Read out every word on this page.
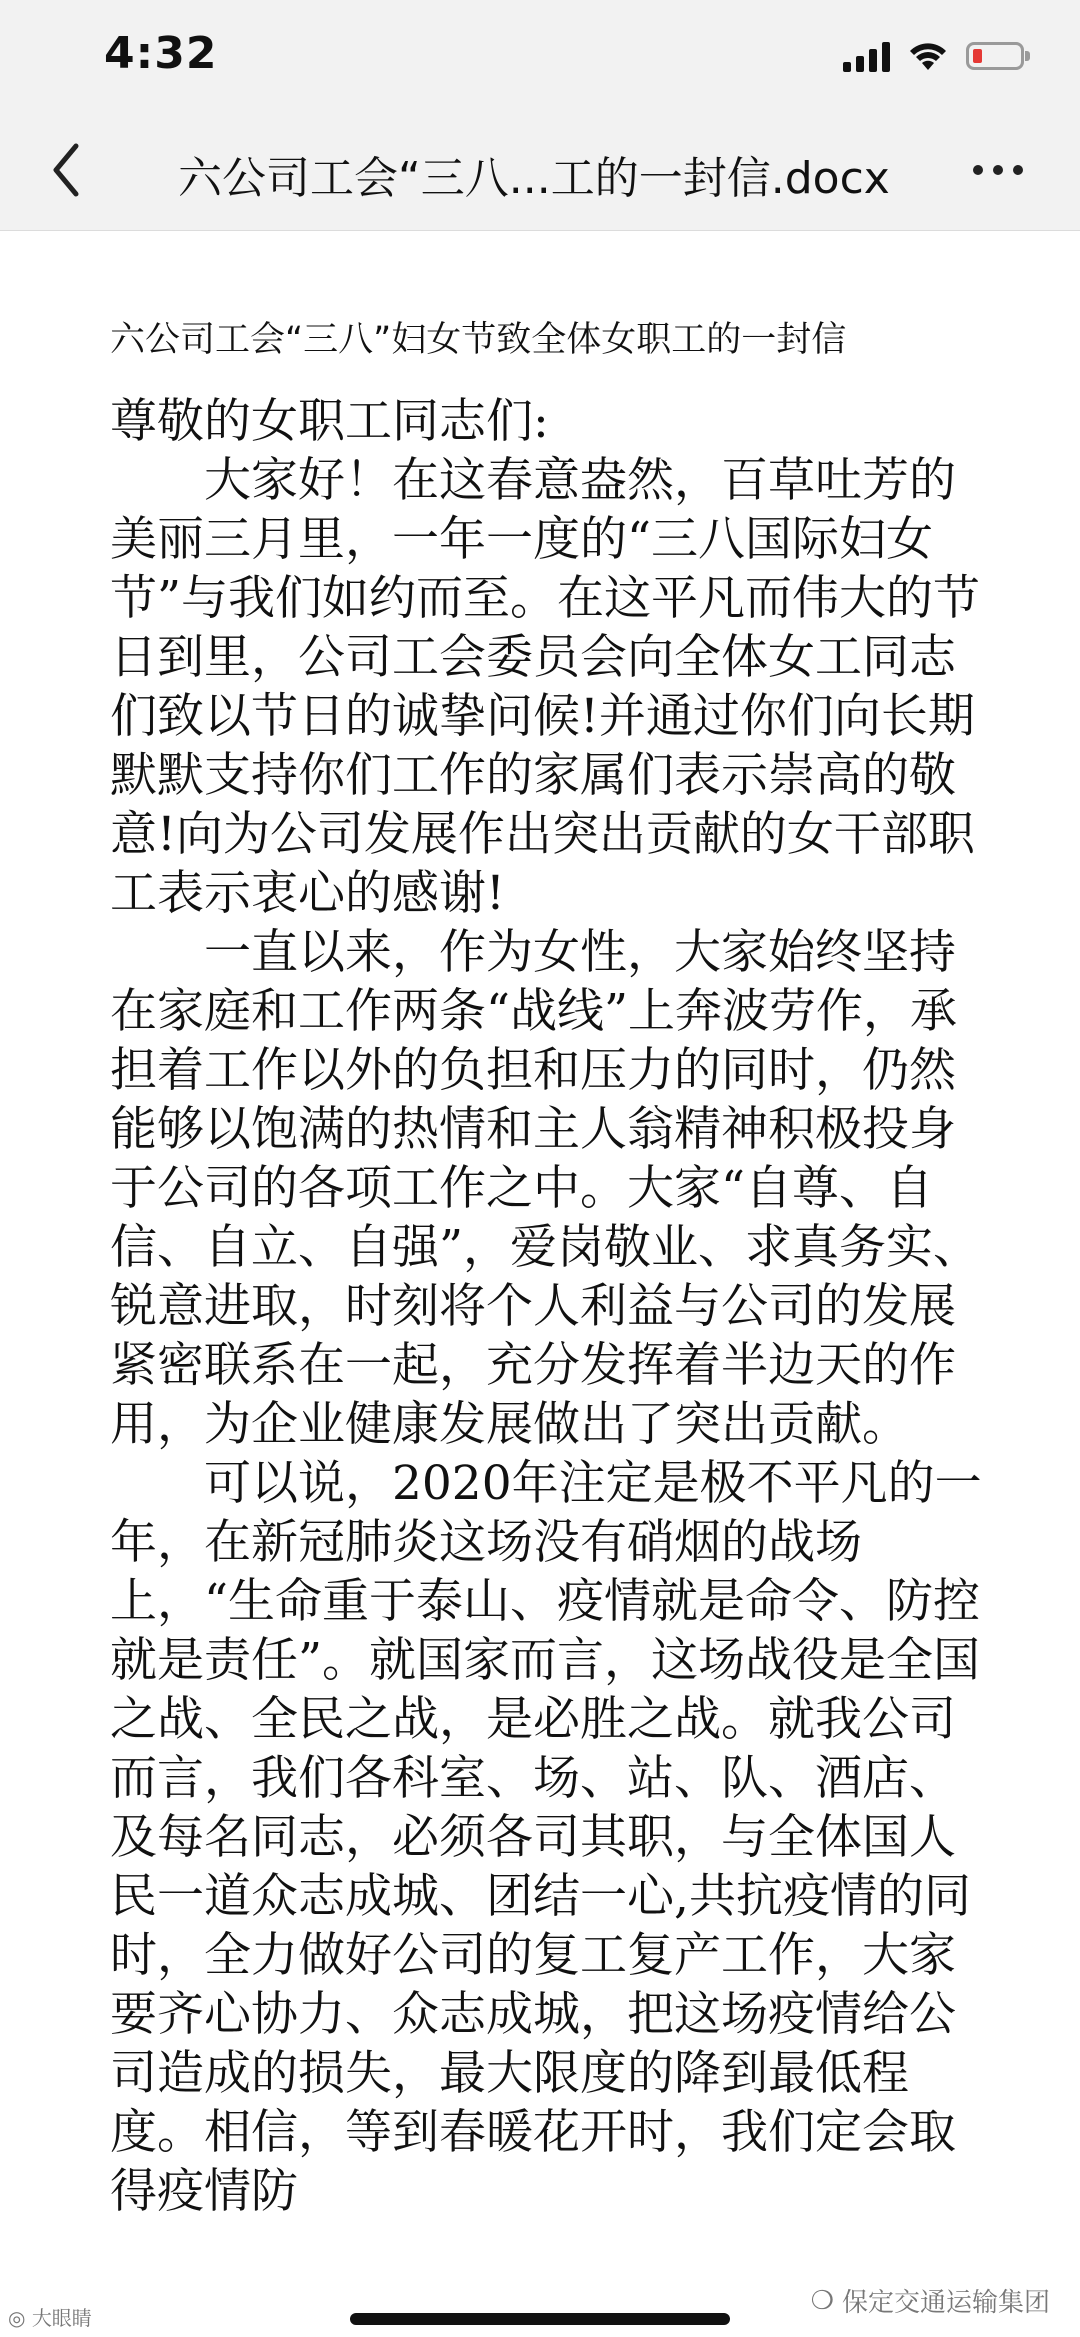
4:32
六公司工会“三八...工的一封信.docx
六公司工会“三八”妇女节致全体女职工的一封信

尊敬的女职工同志们:

大家好！在这春意盎然，百草吐芳的美丽三月里，一年一度的“三八国际妇女节”与我们如约而至。在这平凡而伟大的节日到里，公司工会委员会向全体女工同志们致以节日的诚挚问候!并通过你们向长期默默支持你们工作的家属们表示崇高的敬意!向为公司发展作出突出贡献的女干部职工表示衷心的感谢!

一直以来，作为女性，大家始终坚持在家庭和工作两条“战线”上奔波劳作，承担着工作以外的负担和压力的同时，仍然能够以饱满的热情和主人翁精神积极投身于公司的各项工作之中。大家“自尊、自信、自立、自强”，爱岗敬业、求真务实、锐意进取，时刻将个人利益与公司的发展紧密联系在一起，充分发挥着半边天的作用，为企业健康发展做出了突出贡献。

可以说，2020年注定是极不平凡的一年，在新冠肺炎这场没有硝烟的战场上，“生命重于泰山、疫情就是命令、防控就是责任”。就国家而言，这场战役是全国之战、全民之战，是必胜之战。就我公司而言，我们各科室、场、站、队、酒店、及每名同志，必须各司其职，与全体国人民一道众志成城、团结一心,共抗疫情的同时，全力做好公司的复工复产工作，大家要齐心协力、众志成城，把这场疫情给公司造成的损失，最大限度的降到最低程度。相信，等到春暖花开时，我们定会取得疫情防

◎ 大眼睛
❍ 保定交通运输集团
